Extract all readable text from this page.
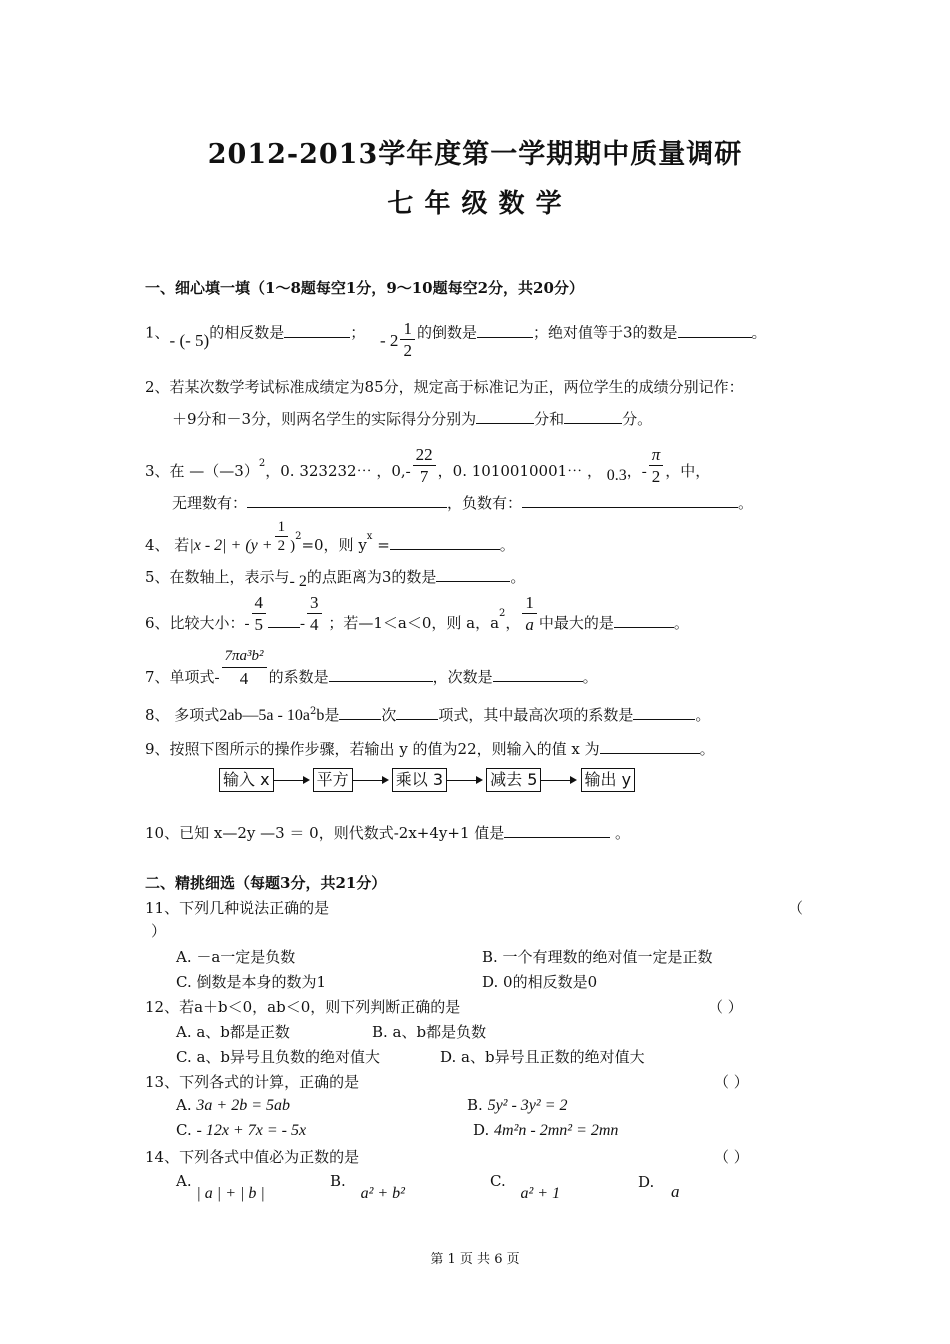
2012-2013学年度第一学期期中质量调研
七 年 级 数 学
一、细心填一填（1～8题每空1分，9～10题每空2分，共20分）
1、- (- 5)的相反数是	； - $2 \frac{1}{2}$ 的倒数是	；绝对值等于3的数是	。
2、若某次数学考试标准成绩定为85分，规定高于标准记为正，两位学生的成绩分别记作：
＋9分和－3分，则两名学生的实际得分分别为	分和	分。
3、在 —（—3）$^2$，0. 323232⋯ ，$0,- \frac{22}{7}$ ，0. 1010010001⋯ ， 0.3，- $\frac{\pi}{2}$ ，中，
无理数有：	，负数有：	。
4、 若$|x - 2| + (y + \frac{1}{2} )^2=0$，则 $y^x$ =	。
5、在数轴上，表示与- 2的点距离为3的数是	。
6、比较大小：- $\frac{4}{5} - \frac{3}{4}$ ；若—1＜a＜0，则 a，$a^2$， $\frac{1}{a}$ 中最大的是	。
7、单项式- $\frac{\text{7πa³b²}}{4}$ 的系数是	，次数是	。
8、 多项式2ab—5a - $10a^2b$是	次	项式，其中最高次项的系数是	。
9、按照下图所示的操作步骤，若输出 y 的值为22，则输入的值 x 为	。
输入 x	平方	乘以 3	减去 5	输出 y
10、已知 x—2y —3 ＝ 0，则代数式-2x+4y+1 值是	。
二、精挑细选（每题3分，共21分）
11、下列几种说法正确的是	（
）
A. －a一定是负数	B. 一个有理数的绝对值一定是正数
C. 倒数是本身的数为1	D. 0的相反数是0
12、若a＋b＜0，ab＜0，则下列判断正确的是	（ ）
A. a、b都是正数	B. a、b都是负数
C. a、b异号且负数的绝对值大	D. a、b异号且正数的绝对值大
13、下列各式的计算，正确的是	（ ）
A. 3a + 2b = 5ab	B. 5y² - 3y² = 2
C. - 12x + 7x = - 5x	D. 4m²n - 2mn² = 2mn
14、下列各式中值必为正数的是	（ ）
A. | a | + | b |
B. a² + b²
C. a² + 1
D. a
第 1 页 共 6 页
